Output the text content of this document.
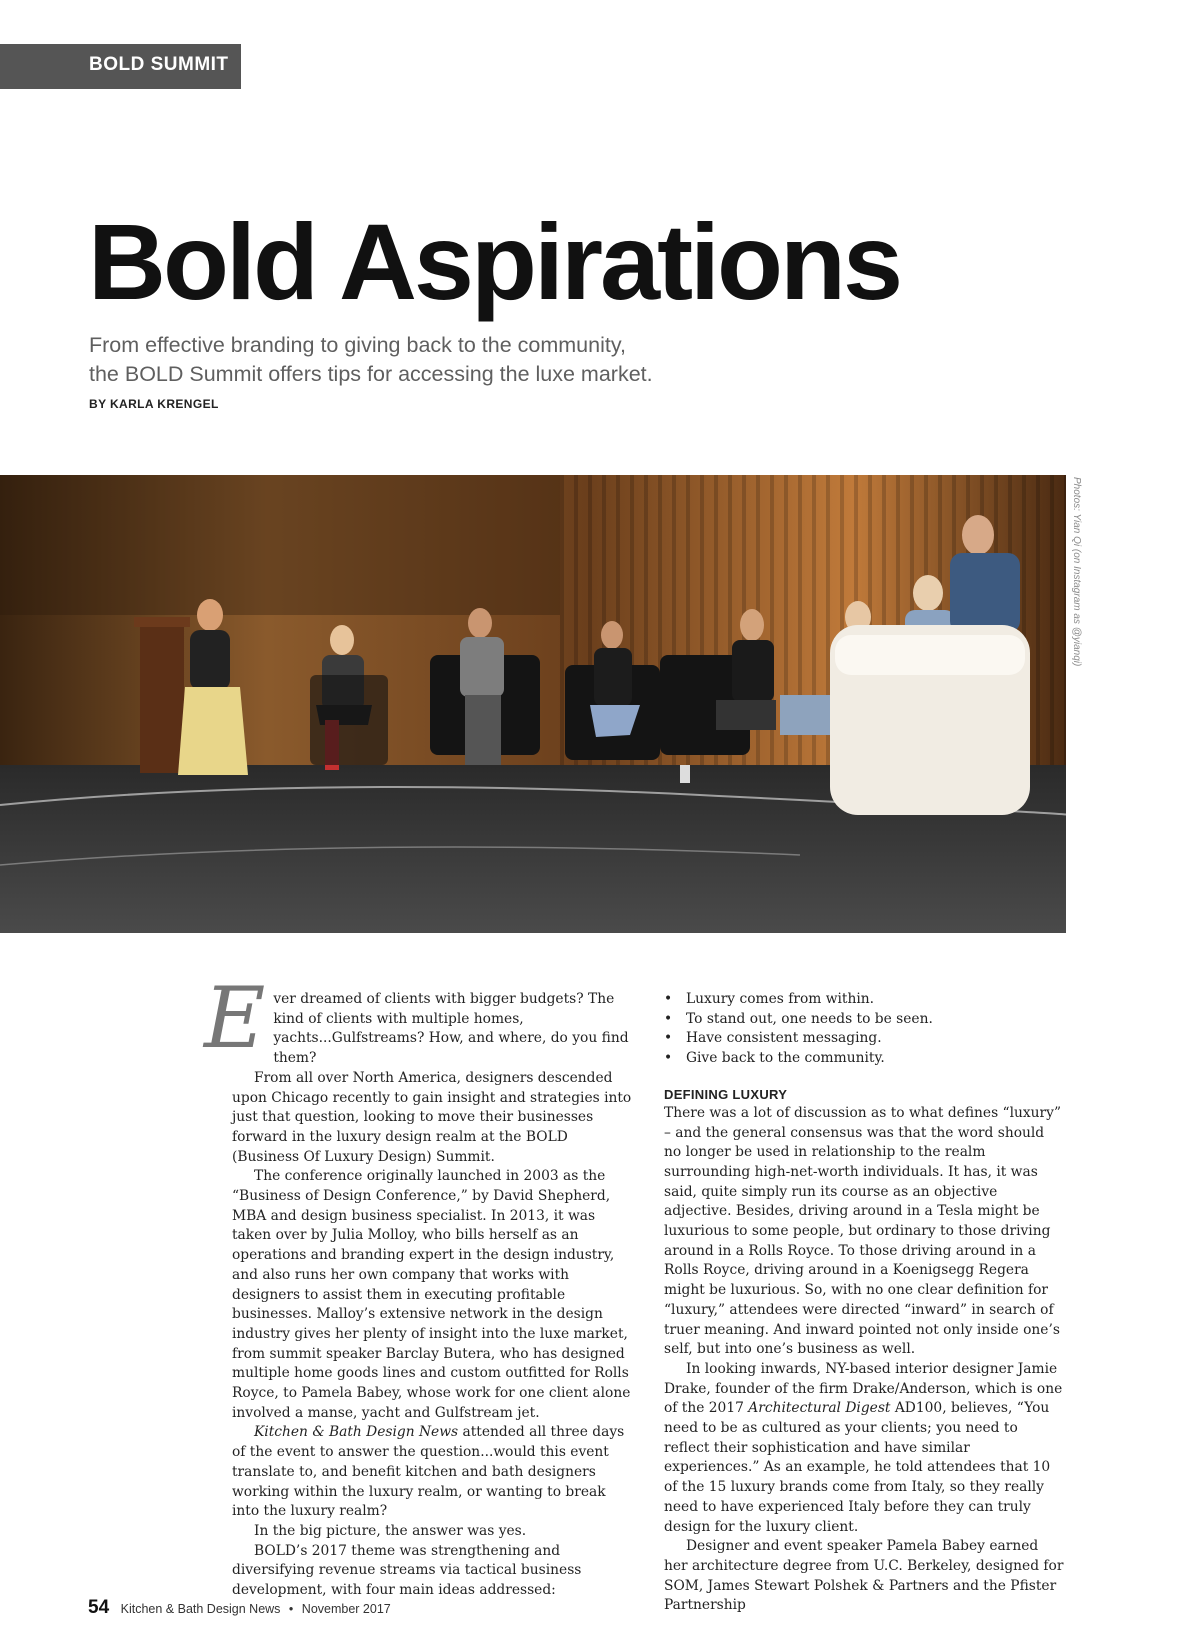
BOLD SUMMIT
Bold Aspirations
From effective branding to giving back to the community,
the BOLD Summit offers tips for accessing the luxe market.
BY KARLA KRENGEL
Photos: Yian Qi (on Instagram as @yianqi)

Ever dreamed of clients with bigger budgets? The kind of clients with multiple homes, yachts...Gulfstreams? How, and where, do you find them?

From all over North America, designers descended upon Chicago recently to gain insight and strategies into just that question, looking to move their businesses forward in the luxury design realm at the BOLD (Business Of Luxury Design) Summit.

The conference originally launched in 2003 as the “Business of Design Conference,” by David Shepherd, MBA and design business specialist. In 2013, it was taken over by Julia Molloy, who bills herself as an operations and branding expert in the design industry, and also runs her own company that works with designers to assist them in executing profitable businesses. Malloy’s extensive network in the design industry gives her plenty of insight into the luxe market, from summit speaker Barclay Butera, who has designed multiple home goods lines and custom outfitted for Rolls Royce, to Pamela Babey, whose work for one client alone involved a manse, yacht and Gulfstream jet.

Kitchen & Bath Design News attended all three days of the event to answer the question...would this event translate to, and benefit kitchen and bath designers working within the luxury realm, or wanting to break into the luxury realm?

In the big picture, the answer was yes.

BOLD’s 2017 theme was strengthening and diversifying revenue streams via tactical business development, with four main ideas addressed:

• Luxury comes from within.
• To stand out, one needs to be seen.
• Have consistent messaging.
• Give back to the community.
DEFINING LUXURY

There was a lot of discussion as to what defines “luxury” – and the general consensus was that the word should no longer be used in relationship to the realm surrounding high-net-worth individuals. It has, it was said, quite simply run its course as an objective adjective. Besides, driving around in a Tesla might be luxurious to some people, but ordinary to those driving around in a Rolls Royce. To those driving around in a Rolls Royce, driving around in a Koenigsegg Regera might be luxurious. So, with no one clear definition for “luxury,” attendees were directed “inward” in search of truer meaning. And inward pointed not only inside one’s self, but into one’s business as well.

In looking inwards, NY-based interior designer Jamie Drake, founder of the firm Drake/Anderson, which is one of the 2017 Architectural Digest AD100, believes, “You need to be as cultured as your clients; you need to reflect their sophistication and have similar experiences.” As an example, he told attendees that 10 of the 15 luxury brands come from Italy, so they really need to have experienced Italy before they can truly design for the luxury client.

Designer and event speaker Pamela Babey earned her architecture degree from U.C. Berkeley, designed for SOM, James Stewart Polshek & Partners and the Pfister Partnership

54 Kitchen & Bath Design News • November 2017
